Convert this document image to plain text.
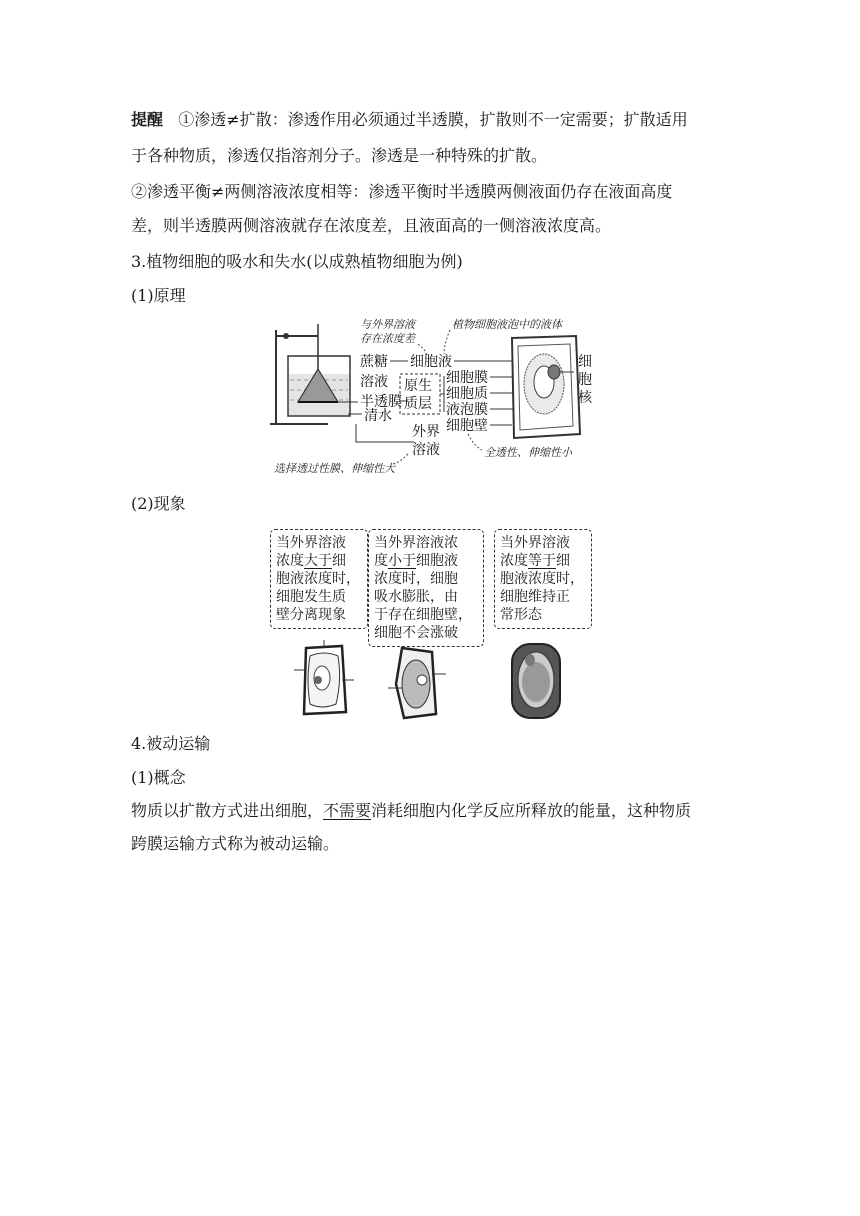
提醒 ①渗透≠扩散：渗透作用必须通过半透膜，扩散则不一定需要；扩散适用
于各种物质，渗透仅指溶剂分子。渗透是一种特殊的扩散。
②渗透平衡≠两侧溶液浓度相等：渗透平衡时半透膜两侧液面仍存在液面高度
差，则半透膜两侧溶液就存在浓度差，且液面高的一侧溶液浓度高。
3.植物细胞的吸水和失水(以成熟植物细胞为例)
(1)原理
与外界溶液
存在浓度差
植物细胞液泡中的液体
蔗糖
溶液
细胞液
半透膜
清水
原生
质层
细胞膜
细胞质
液泡膜
细胞壁
外界
溶液
细
胞
核
选择透过性膜、伸缩性大
全透性、伸缩性小
(2)现象
当外界溶液
浓度大于细
胞液浓度时，
细胞发生质
壁分离现象
当外界溶液浓
度小于细胞液
浓度时，细胞
吸水膨胀，由
于存在细胞壁，
细胞不会涨破
当外界溶液
浓度等于细
胞液浓度时，
细胞维持正
常形态
4.被动运输
(1)概念
物质以扩散方式进出细胞，不需要消耗细胞内化学反应所释放的能量，这种物质
跨膜运输方式称为被动运输。
